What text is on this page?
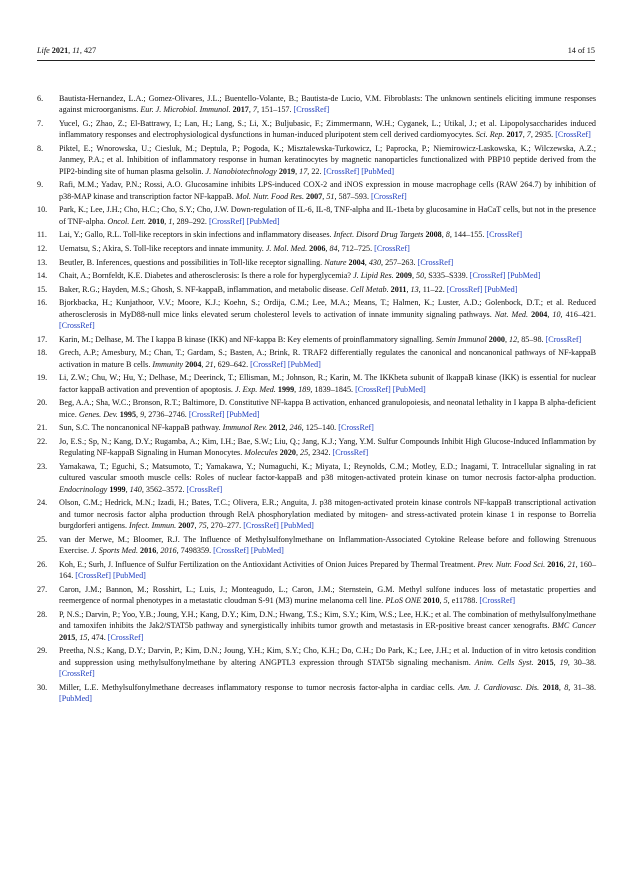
Life 2021, 11, 427	14 of 15
6. Bautista-Hernandez, L.A.; Gomez-Olivares, J.L.; Buentello-Volante, B.; Bautista-de Lucio, V.M. Fibroblasts: The unknown sentinels eliciting immune responses against microorganisms. Eur. J. Microbiol. Immunol. 2017, 7, 151–157. [CrossRef]
7. Yucel, G.; Zhao, Z.; El-Battrawy, I.; Lan, H.; Lang, S.; Li, X.; Buljubasic, F.; Zimmermann, W.H.; Cyganek, L.; Utikal, J.; et al. Lipopolysaccharides induced inflammatory responses and electrophysiological dysfunctions in human-induced pluripotent stem cell derived cardiomyocytes. Sci. Rep. 2017, 7, 2935. [CrossRef]
8. Piktel, E.; Wnorowska, U.; Ciesluk, M.; Deptula, P.; Pogoda, K.; Misztalewska-Turkowicz, I.; Paprocka, P.; Niemirowicz-Laskowska, K.; Wilczewska, A.Z.; Janmey, P.A.; et al. Inhibition of inflammatory response in human keratinocytes by magnetic nanoparticles functionalized with PBP10 peptide derived from the PIP2-binding site of human plasma gelsolin. J. Nanobiotechnology 2019, 17, 22. [CrossRef] [PubMed]
9. Rafi, M.M.; Yadav, P.N.; Rossi, A.O. Glucosamine inhibits LPS-induced COX-2 and iNOS expression in mouse macrophage cells (RAW 264.7) by inhibition of p38-MAP kinase and transcription factor NF-kappaB. Mol. Nutr. Food Res. 2007, 51, 587–593. [CrossRef]
10. Park, K.; Lee, J.H.; Cho, H.C.; Cho, S.Y.; Cho, J.W. Down-regulation of IL-6, IL-8, TNF-alpha and IL-1beta by glucosamine in HaCaT cells, but not in the presence of TNF-alpha. Oncol. Lett. 2010, 1, 289–292. [CrossRef] [PubMed]
11. Lai, Y.; Gallo, R.L. Toll-like receptors in skin infections and inflammatory diseases. Infect. Disord Drug Targets 2008, 8, 144–155. [CrossRef]
12. Uematsu, S.; Akira, S. Toll-like receptors and innate immunity. J. Mol. Med. 2006, 84, 712–725. [CrossRef]
13. Beutler, B. Inferences, questions and possibilities in Toll-like receptor signalling. Nature 2004, 430, 257–263. [CrossRef]
14. Chait, A.; Bornfeldt, K.E. Diabetes and atherosclerosis: Is there a role for hyperglycemia? J. Lipid Res. 2009, 50, S335–S339. [CrossRef] [PubMed]
15. Baker, R.G.; Hayden, M.S.; Ghosh, S. NF-kappaB, inflammation, and metabolic disease. Cell Metab. 2011, 13, 11–22. [CrossRef] [PubMed]
16. Bjorkbacka, H.; Kunjathoor, V.V.; Moore, K.J.; Koehn, S.; Ordija, C.M.; Lee, M.A.; Means, T.; Halmen, K.; Luster, A.D.; Golenbock, D.T.; et al. Reduced atherosclerosis in MyD88-null mice links elevated serum cholesterol levels to activation of innate immunity signaling pathways. Nat. Med. 2004, 10, 416–421. [CrossRef]
17. Karin, M.; Delhase, M. The I kappa B kinase (IKK) and NF-kappa B: Key elements of proinflammatory signalling. Semin Immunol 2000, 12, 85–98. [CrossRef]
18. Grech, A.P.; Amesbury, M.; Chan, T.; Gardam, S.; Basten, A.; Brink, R. TRAF2 differentially regulates the canonical and noncanonical pathways of NF-kappaB activation in mature B cells. Immunity 2004, 21, 629–642. [CrossRef] [PubMed]
19. Li, Z.W.; Chu, W.; Hu, Y.; Delhase, M.; Deerinck, T.; Ellisman, M.; Johnson, R.; Karin, M. The IKKbeta subunit of IkappaB kinase (IKK) is essential for nuclear factor kappaB activation and prevention of apoptosis. J. Exp. Med. 1999, 189, 1839–1845. [CrossRef] [PubMed]
20. Beg, A.A.; Sha, W.C.; Bronson, R.T.; Baltimore, D. Constitutive NF-kappa B activation, enhanced granulopoiesis, and neonatal lethality in I kappa B alpha-deficient mice. Genes. Dev. 1995, 9, 2736–2746. [CrossRef] [PubMed]
21. Sun, S.C. The noncanonical NF-kappaB pathway. Immunol Rev. 2012, 246, 125–140. [CrossRef]
22. Jo, E.S.; Sp, N.; Kang, D.Y.; Rugamba, A.; Kim, I.H.; Bae, S.W.; Liu, Q.; Jang, K.J.; Yang, Y.M. Sulfur Compounds Inhibit High Glucose-Induced Inflammation by Regulating NF-kappaB Signaling in Human Monocytes. Molecules 2020, 25, 2342. [CrossRef]
23. Yamakawa, T.; Eguchi, S.; Matsumoto, T.; Yamakawa, Y.; Numaguchi, K.; Miyata, I.; Reynolds, C.M.; Motley, E.D.; Inagami, T. Intracellular signaling in rat cultured vascular smooth muscle cells: Roles of nuclear factor-kappaB and p38 mitogen-activated protein kinase on tumor necrosis factor-alpha production. Endocrinology 1999, 140, 3562–3572. [CrossRef]
24. Olson, C.M.; Hedrick, M.N.; Izadi, H.; Bates, T.C.; Olivera, E.R.; Anguita, J. p38 mitogen-activated protein kinase controls NF-kappaB transcriptional activation and tumor necrosis factor alpha production through RelA phosphorylation mediated by mitogen- and stress-activated protein kinase 1 in response to Borrelia burgdorferi antigens. Infect. Immun. 2007, 75, 270–277. [CrossRef] [PubMed]
25. van der Merwe, M.; Bloomer, R.J. The Influence of Methylsulfonylmethane on Inflammation-Associated Cytokine Release before and following Strenuous Exercise. J. Sports Med. 2016, 2016, 7498359. [CrossRef] [PubMed]
26. Koh, E.; Surh, J. Influence of Sulfur Fertilization on the Antioxidant Activities of Onion Juices Prepared by Thermal Treatment. Prev. Nutr. Food Sci. 2016, 21, 160–164. [CrossRef] [PubMed]
27. Caron, J.M.; Bannon, M.; Rosshirt, L.; Luis, J.; Monteagudo, L.; Caron, J.M.; Sternstein, G.M. Methyl sulfone induces loss of metastatic properties and reemergence of normal phenotypes in a metastatic cloudman S-91 (M3) murine melanoma cell line. PLoS ONE 2010, 5, e11788. [CrossRef]
28. P, N.S.; Darvin, P.; Yoo, Y.B.; Joung, Y.H.; Kang, D.Y.; Kim, D.N.; Hwang, T.S.; Kim, S.Y.; Kim, W.S.; Lee, H.K.; et al. The combination of methylsulfonylmethane and tamoxifen inhibits the Jak2/STAT5b pathway and synergistically inhibits tumor growth and metastasis in ER-positive breast cancer xenografts. BMC Cancer 2015, 15, 474. [CrossRef]
29. Preetha, N.S.; Kang, D.Y.; Darvin, P.; Kim, D.N.; Joung, Y.H.; Kim, S.Y.; Cho, K.H.; Do, C.H.; Do Park, K.; Lee, J.H.; et al. Induction of in vitro ketosis condition and suppression using methylsulfonylmethane by altering ANGPTL3 expression through STAT5b signaling mechanism. Anim. Cells Syst. 2015, 19, 30–38. [CrossRef]
30. Miller, L.E. Methylsulfonylmethane decreases inflammatory response to tumor necrosis factor-alpha in cardiac cells. Am. J. Cardiovasc. Dis. 2018, 8, 31–38. [PubMed]
